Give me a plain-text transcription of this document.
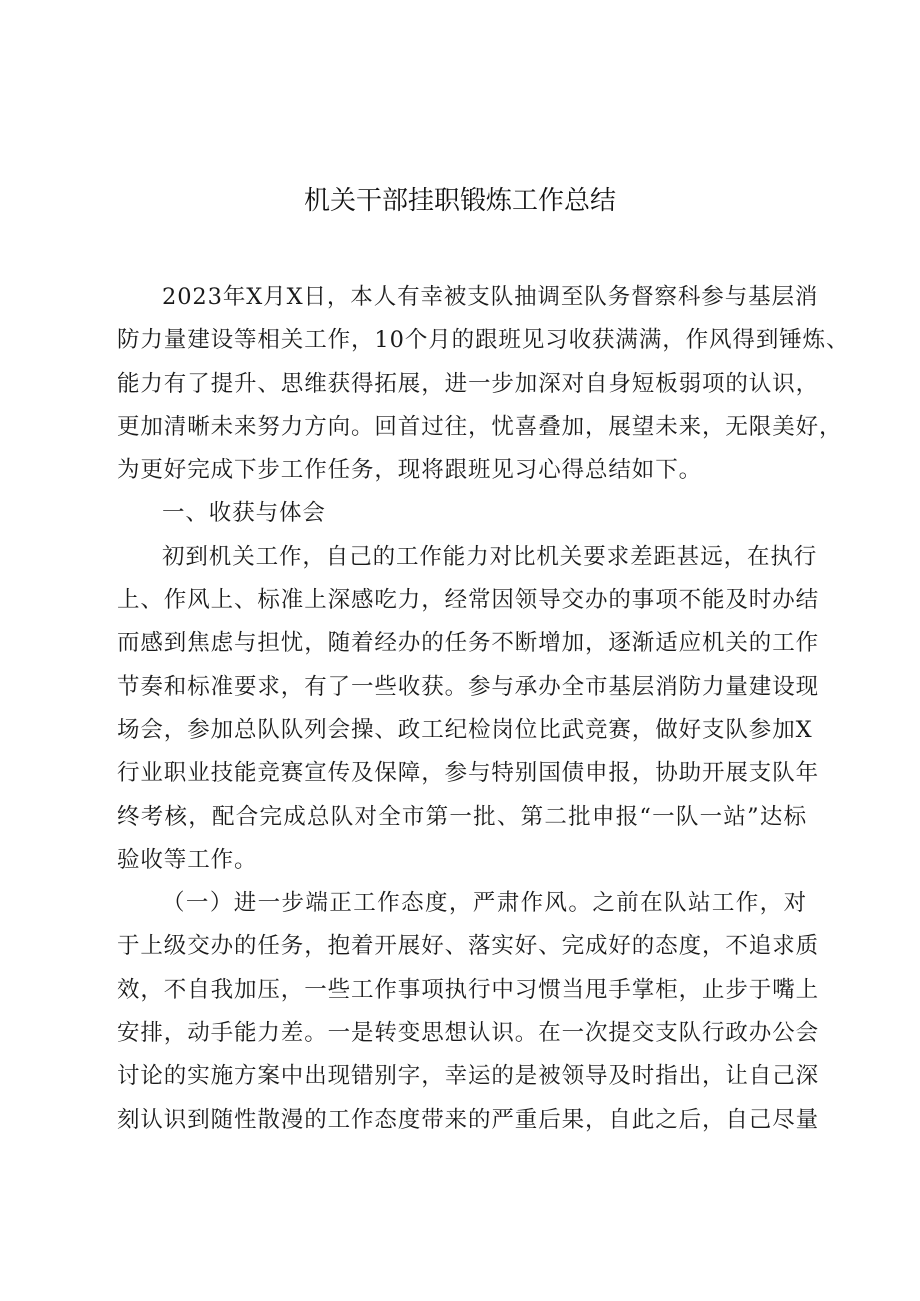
机关干部挂职锻炼工作总结
2023年X月X日，本人有幸被支队抽调至队务督察科参与基层消
防力量建设等相关工作，10个月的跟班见习收获满满，作风得到锤炼、
能力有了提升、思维获得拓展，进一步加深对自身短板弱项的认识，
更加清晰未来努力方向。回首过往，忧喜叠加，展望未来，无限美好，
为更好完成下步工作任务，现将跟班见习心得总结如下。
一、收获与体会
初到机关工作，自己的工作能力对比机关要求差距甚远，在执行
上、作风上、标准上深感吃力，经常因领导交办的事项不能及时办结
而感到焦虑与担忧，随着经办的任务不断增加，逐渐适应机关的工作
节奏和标准要求，有了一些收获。参与承办全市基层消防力量建设现
场会，参加总队队列会操、政工纪检岗位比武竞赛，做好支队参加X
行业职业技能竞赛宣传及保障，参与特别国债申报，协助开展支队年
终考核，配合完成总队对全市第一批、第二批申报“一队一站”达标
验收等工作。
（一）进一步端正工作态度，严肃作风。之前在队站工作，对
于上级交办的任务，抱着开展好、落实好、完成好的态度，不追求质
效，不自我加压，一些工作事项执行中习惯当甩手掌柜，止步于嘴上
安排，动手能力差。一是转变思想认识。在一次提交支队行政办公会
讨论的实施方案中出现错别字，幸运的是被领导及时指出，让自己深
刻认识到随性散漫的工作态度带来的严重后果，自此之后，自己尽量
